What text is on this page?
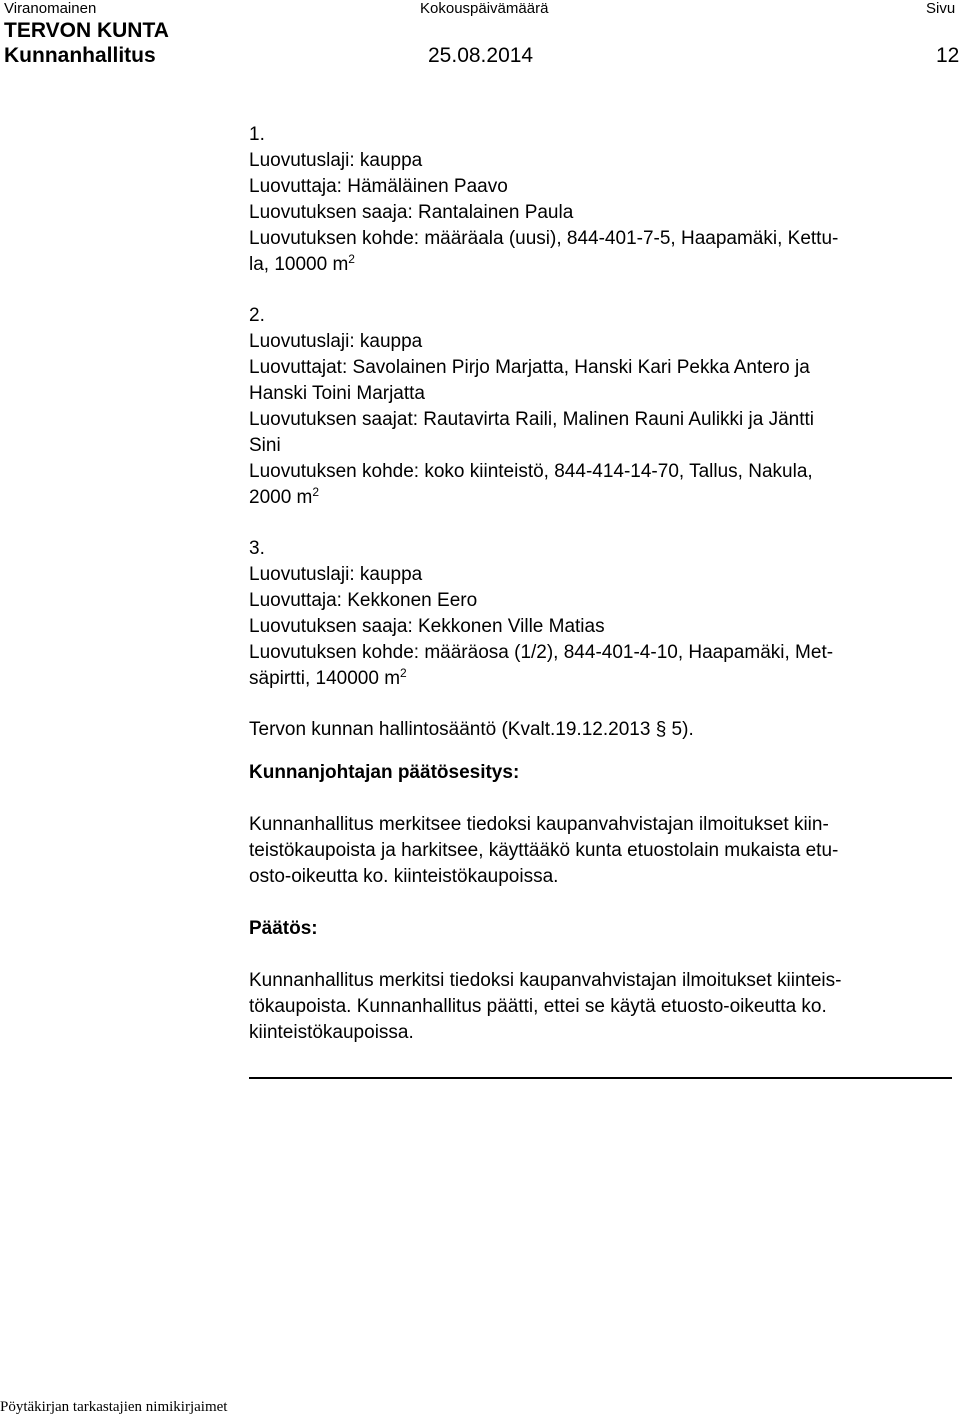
Viranomainen	Kokouspäivämäärä	Sivu
TERVON KUNTA
Kunnanhallitus	25.08.2014	12

1.

Luovutuslaji: kauppa

Luovuttaja: Hämäläinen Paavo

Luovutuksen saaja: Rantalainen Paula

Luovutuksen kohde: määräala (uusi), 844-401-7-5, Haapamäki, Kettu-

la, 10000 $m^2$

2.

Luovutuslaji: kauppa

Luovuttajat: Savolainen Pirjo Marjatta, Hanski Kari Pekka Antero ja

Hanski Toini Marjatta

Luovutuksen saajat: Rautavirta Raili, Malinen Rauni Aulikki ja Jäntti

Sini

Luovutuksen kohde: koko kiinteistö, 844-414-14-70, Tallus, Nakula,

2000 $m^2$

3.

Luovutuslaji: kauppa

Luovuttaja: Kekkonen Eero

Luovutuksen saaja: Kekkonen Ville Matias

Luovutuksen kohde: määräosa (1/2), 844-401-4-10, Haapamäki, Met-

säpirtti, 140000 $m^2$

Tervon kunnan hallintosääntö (Kvalt.19.12.2013 § 5).

Kunnanjohtajan päätösesitys:

Kunnanhallitus merkitsee tiedoksi kaupanvahvistajan ilmoitukset kiin-

teistökaupoista ja harkitsee, käyttääkö kunta etuostolain mukaista etu-

osto-oikeutta ko. kiinteistökaupoissa.

Päätös:

Kunnanhallitus merkitsi tiedoksi kaupanvahvistajan ilmoitukset kiinteis-

tökaupoista. Kunnanhallitus päätti, ettei se käytä etuosto-oikeutta ko.

kiinteistökaupoissa.

Pöytäkirjan tarkastajien nimikirjaimet
